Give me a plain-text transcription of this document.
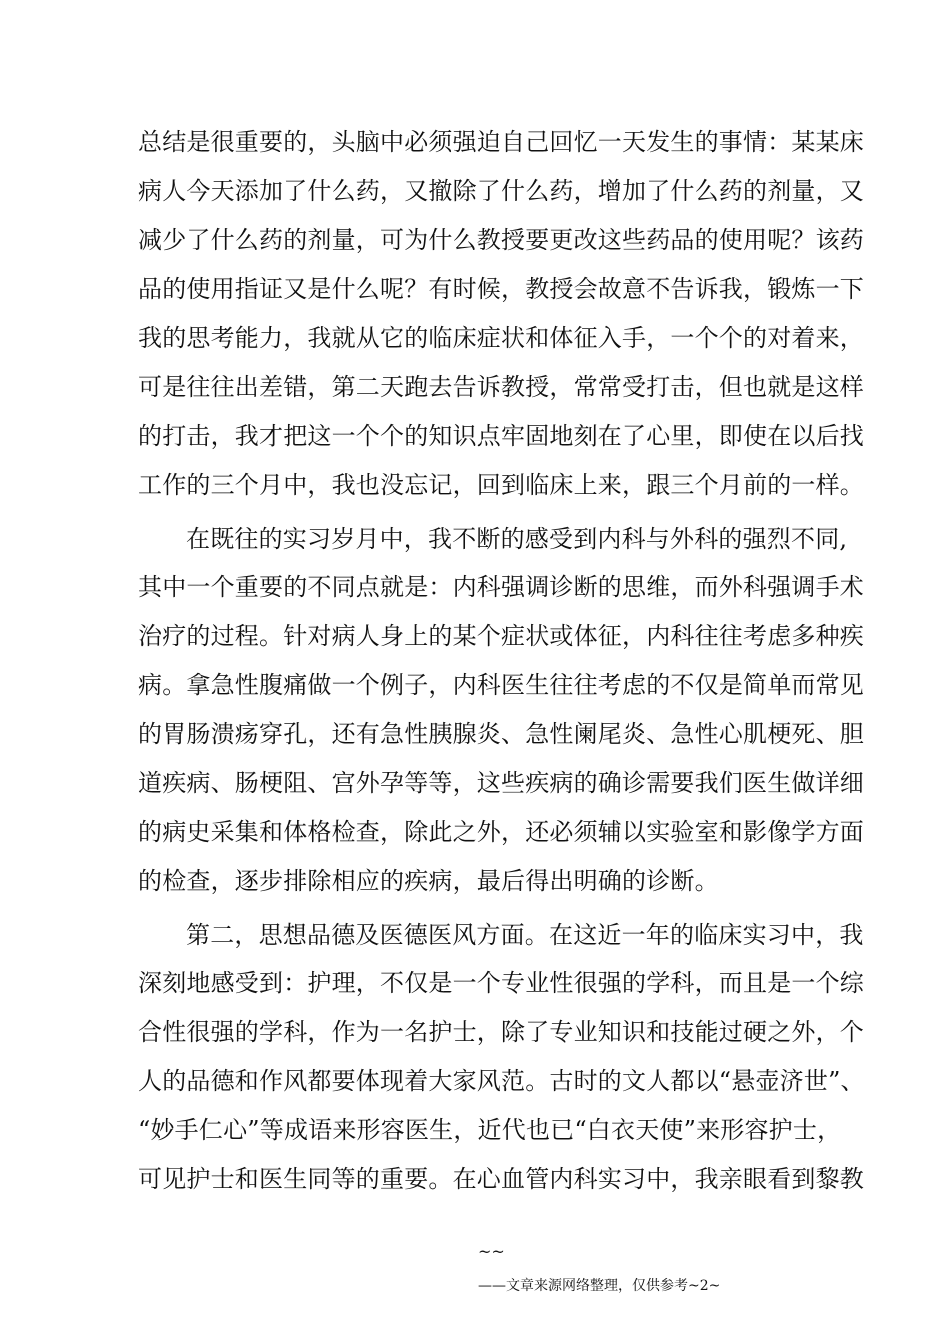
总结是很重要的，头脑中必须强迫自己回忆一天发生的事情：某某床
病人今天添加了什么药，又撤除了什么药，增加了什么药的剂量，又
减少了什么药的剂量，可为什么教授要更改这些药品的使用呢？该药
品的使用指证又是什么呢？有时候，教授会故意不告诉我，锻炼一下
我的思考能力，我就从它的临床症状和体征入手，一个个的对着来，
可是往往出差错，第二天跑去告诉教授，常常受打击，但也就是这样
的打击，我才把这一个个的知识点牢固地刻在了心里，即使在以后找
工作的三个月中，我也没忘记，回到临床上来，跟三个月前的一样。
在既往的实习岁月中，我不断的感受到内科与外科的强烈不同,
其中一个重要的不同点就是：内科强调诊断的思维，而外科强调手术
治疗的过程。针对病人身上的某个症状或体征，内科往往考虑多种疾
病。拿急性腹痛做一个例子，内科医生往往考虑的不仅是简单而常见
的胃肠溃疡穿孔，还有急性胰腺炎、急性阑尾炎、急性心肌梗死、胆
道疾病、肠梗阻、宫外孕等等，这些疾病的确诊需要我们医生做详细
的病史采集和体格检查，除此之外，还必须辅以实验室和影像学方面
的检查，逐步排除相应的疾病，最后得出明确的诊断。
第二，思想品德及医德医风方面。在这近一年的临床实习中，我
深刻地感受到：护理，不仅是一个专业性很强的学科，而且是一个综
合性很强的学科，作为一名护士，除了专业知识和技能过硬之外，个
人的品德和作风都要体现着大家风范。古时的文人都以“悬壶济世”、
“妙手仁心”等成语来形容医生，近代也已“白衣天使”来形容护士，
可见护士和医生同等的重要。在心血管内科实习中，我亲眼看到黎教
~~
——文章来源网络整理，仅供参考~2~
